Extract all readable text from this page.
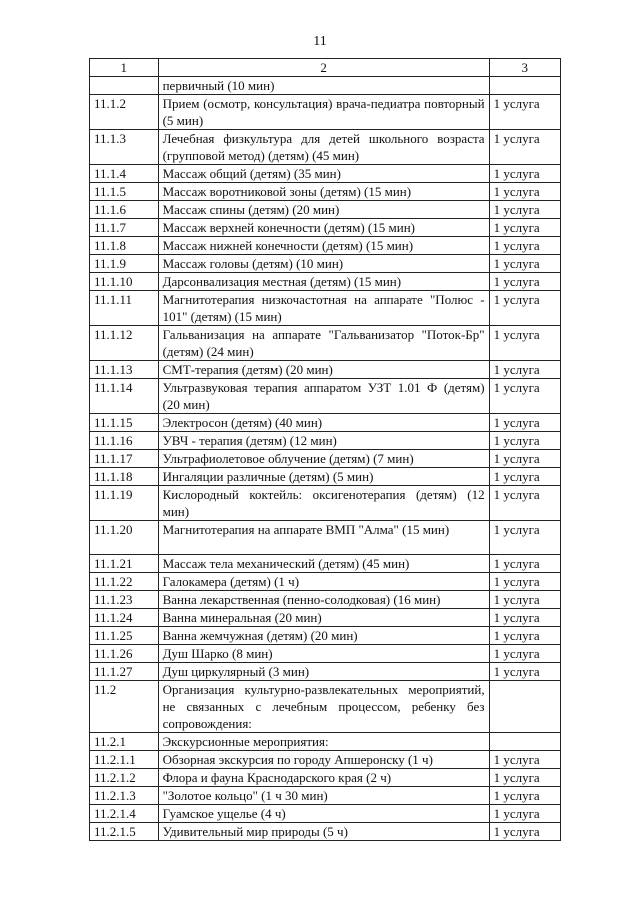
11
1	2	3
	первичный (10 мин)	
11.1.2	Прием (осмотр, консультация) врача-педиатра повторный (5 мин)	1 услуга
11.1.3	Лечебная физкультура для детей школьного возраста (групповой метод) (детям) (45 мин)	1 услуга
11.1.4	Массаж общий (детям) (35 мин)	1 услуга
11.1.5	Массаж воротниковой зоны (детям) (15 мин)	1 услуга
11.1.6	Массаж спины (детям) (20 мин)	1 услуга
11.1.7	Массаж верхней конечности (детям) (15 мин)	1 услуга
11.1.8	Массаж нижней конечности (детям) (15 мин)	1 услуга
11.1.9	Массаж головы (детям) (10 мин)	1 услуга
11.1.10	Дарсонвализация местная (детям) (15 мин)	1 услуга
11.1.11	Магнитотерапия низкочастотная на аппарате "Полюс - 101" (детям) (15 мин)	1 услуга
11.1.12	Гальванизация на аппарате "Гальванизатор "Поток-Бр" (детям) (24 мин)	1 услуга
11.1.13	СМТ-терапия (детям) (20 мин)	1 услуга
11.1.14	Ультразвуковая терапия аппаратом УЗТ 1.01 Ф (детям) (20 мин)	1 услуга
11.1.15	Электросон (детям) (40 мин)	1 услуга
11.1.16	УВЧ - терапия (детям) (12 мин)	1 услуга
11.1.17	Ультрафиолетовое облучение (детям) (7 мин)	1 услуга
11.1.18	Ингаляции различные (детям) (5 мин)	1 услуга
11.1.19	Кислородный коктейль: оксигенотерапия (детям) (12 мин)	1 услуга
11.1.20	Магнитотерапия на аппарате ВМП "Алма" (15 мин)	1 услуга
11.1.21	Массаж тела механический (детям) (45 мин)	1 услуга
11.1.22	Галокамера (детям) (1 ч)	1 услуга
11.1.23	Ванна лекарственная (пенно-солодковая) (16 мин)	1 услуга
11.1.24	Ванна минеральная (20 мин)	1 услуга
11.1.25	Ванна жемчужная (детям) (20 мин)	1 услуга
11.1.26	Душ Шарко (8 мин)	1 услуга
11.1.27	Душ циркулярный (3 мин)	1 услуга
11.2	Организация культурно-развлекательных мероприятий, не связанных с лечебным процессом, ребенку без сопровождения:	
11.2.1	Экскурсионные мероприятия:	
11.2.1.1	Обзорная экскурсия по городу Апшеронску (1 ч)	1 услуга
11.2.1.2	Флора и фауна Краснодарского края (2 ч)	1 услуга
11.2.1.3	"Золотое кольцо" (1 ч 30 мин)	1 услуга
11.2.1.4	Гуамское ущелье (4 ч)	1 услуга
11.2.1.5	Удивительный мир природы (5 ч)	1 услуга
